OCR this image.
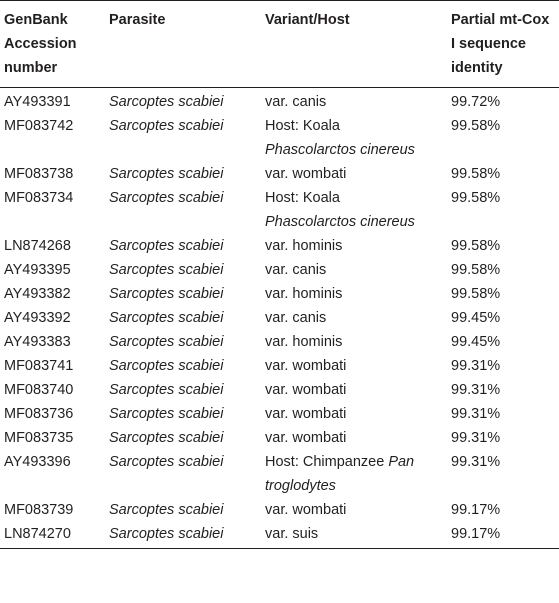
GenBank
Accession
number	Parasite	Variant/Host	Partial mt-Cox
I sequence
identity
AY493391	Sarcoptes scabiei	var. canis	99.72%
MF083742	Sarcoptes scabiei	Host: Koala
Phascolarctos cinereus	99.58%
MF083738	Sarcoptes scabiei	var. wombati	99.58%
MF083734	Sarcoptes scabiei	Host: Koala
Phascolarctos cinereus	99.58%
LN874268	Sarcoptes scabiei	var. hominis	99.58%
AY493395	Sarcoptes scabiei	var. canis	99.58%
AY493382	Sarcoptes scabiei	var. hominis	99.58%
AY493392	Sarcoptes scabiei	var. canis	99.45%
AY493383	Sarcoptes scabiei	var. hominis	99.45%
MF083741	Sarcoptes scabiei	var. wombati	99.31%
MF083740	Sarcoptes scabiei	var. wombati	99.31%
MF083736	Sarcoptes scabiei	var. wombati	99.31%
MF083735	Sarcoptes scabiei	var. wombati	99.31%
AY493396	Sarcoptes scabiei	Host: Chimpanzee Pan
troglodytes	99.31%
MF083739	Sarcoptes scabiei	var. wombati	99.17%
LN874270	Sarcoptes scabiei	var. suis	99.17%
